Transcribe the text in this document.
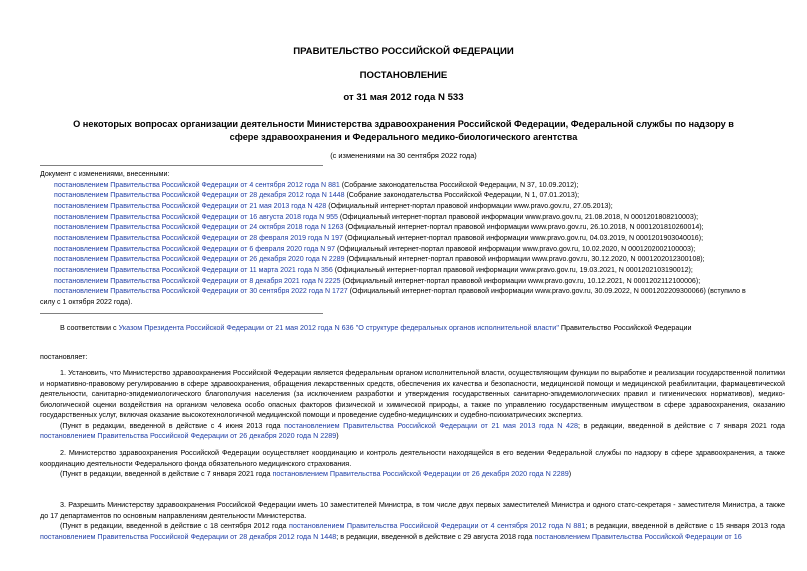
ПРАВИТЕЛЬСТВО РОССИЙСКОЙ ФЕДЕРАЦИИ
ПОСТАНОВЛЕНИЕ
от 31 мая 2012 года N 533
О некоторых вопросах организации деятельности Министерства здравоохранения Российской Федерации, Федеральной службы по надзору в сфере здравоохранения и Федерального медико-биологического агентства
(с изменениями на 30 сентября 2022 года)
Документ с изменениями, внесенными:
постановлением Правительства Российской Федерации от 4 сентября 2012 года N 881 (Собрание законодательства Российской Федерации, N 37, 10.09.2012);
постановлением Правительства Российской Федерации от 28 декабря 2012 года N 1448 (Собрание законодательства Российской Федерации, N 1, 07.01.2013);
постановлением Правительства Российской Федерации от 21 мая 2013 года N 428 (Официальный интернет-портал правовой информации www.pravo.gov.ru, 27.05.2013);
постановлением Правительства Российской Федерации от 16 августа 2018 года N 955 (Официальный интернет-портал правовой информации www.pravo.gov.ru, 21.08.2018, N 0001201808210003);
постановлением Правительства Российской Федерации от 24 октября 2018 года N 1263 (Официальный интернет-портал правовой информации www.pravo.gov.ru, 26.10.2018, N 0001201810260014);
постановлением Правительства Российской Федерации от 28 февраля 2019 года N 197 (Официальный интернет-портал правовой информации www.pravo.gov.ru, 04.03.2019, N 0001201903040016);
постановлением Правительства Российской Федерации от 6 февраля 2020 года N 97 (Официальный интернет-портал правовой информации www.pravo.gov.ru, 10.02.2020, N 0001202002100003);
постановлением Правительства Российской Федерации от 26 декабря 2020 года N 2289 (Официальный интернет-портал правовой информации www.pravo.gov.ru, 30.12.2020, N 0001202012300108);
постановлением Правительства Российской Федерации от 11 марта 2021 года N 356 (Официальный интернет-портал правовой информации www.pravo.gov.ru, 19.03.2021, N 0001202103190012);
постановлением Правительства Российской Федерации от 8 декабря 2021 года N 2225 (Официальный интернет-портал правовой информации www.pravo.gov.ru, 10.12.2021, N 0001202112100006);
постановлением Правительства Российской Федерации от 30 сентября 2022 года N 1727 (Официальный интернет-портал правовой информации www.pravo.gov.ru, 30.09.2022, N 0001202209300066) (вступило в
силу с 1 октября 2022 года).
В соответствии с Указом Президента Российской Федерации от 21 мая 2012 года N 636 "О структуре федеральных органов исполнительной власти" Правительство Российской Федерации
постановляет:
1. Установить, что Министерство здравоохранения Российской Федерации является федеральным органом исполнительной власти, осуществляющим функции по выработке и реализации государственной политики и нормативно-правовому регулированию в сфере здравоохранения, обращения лекарственных средств, обеспечения их качества и безопасности, медицинской помощи и медицинской реабилитации, фармацевтической деятельности, санитарно-эпидемиологического благополучия населения (за исключением разработки и утверждения государственных санитарно-эпидемиологических правил и гигиенических нормативов), медико-биологической оценки воздействия на организм человека особо опасных факторов физической и химической природы, а также по управлению государственным имуществом в сфере здравоохранения, оказанию государственных услуг, включая оказание высокотехнологичной медицинской помощи и проведение судебно-медицинских и судебно-психиатрических экспертиз.
(Пункт в редакции, введенной в действие с 4 июня 2013 года постановлением Правительства Российской Федерации от 21 мая 2013 года N 428; в редакции, введенной в действие с 7 января 2021 года постановлением Правительства Российской Федерации от 26 декабря 2020 года N 2289)
2. Министерство здравоохранения Российской Федерации осуществляет координацию и контроль деятельности находящейся в его ведении Федеральной службы по надзору в сфере здравоохранения, а также координацию деятельности Федерального фонда обязательного медицинского страхования.
(Пункт в редакции, введенной в действие с 7 января 2021 года постановлением Правительства Российской Федерации от 26 декабря 2020 года N 2289)
3. Разрешить Министерству здравоохранения Российской Федерации иметь 10 заместителей Министра, в том числе двух первых заместителей Министра и одного статс-секретаря - заместителя Министра, а также до 17 департаментов по основным направлениям деятельности Министерства.
(Пункт в редакции, введенной в действие с 18 сентября 2012 года постановлением Правительства Российской Федерации от 4 сентября 2012 года N 881; в редакции, введенной в действие с 15 января 2013 года постановлением Правительства Российской Федерации от 28 декабря 2012 года N 1448; в редакции, введенной в действие с 29 августа 2018 года постановлением Правительства Российской Федерации от 16
